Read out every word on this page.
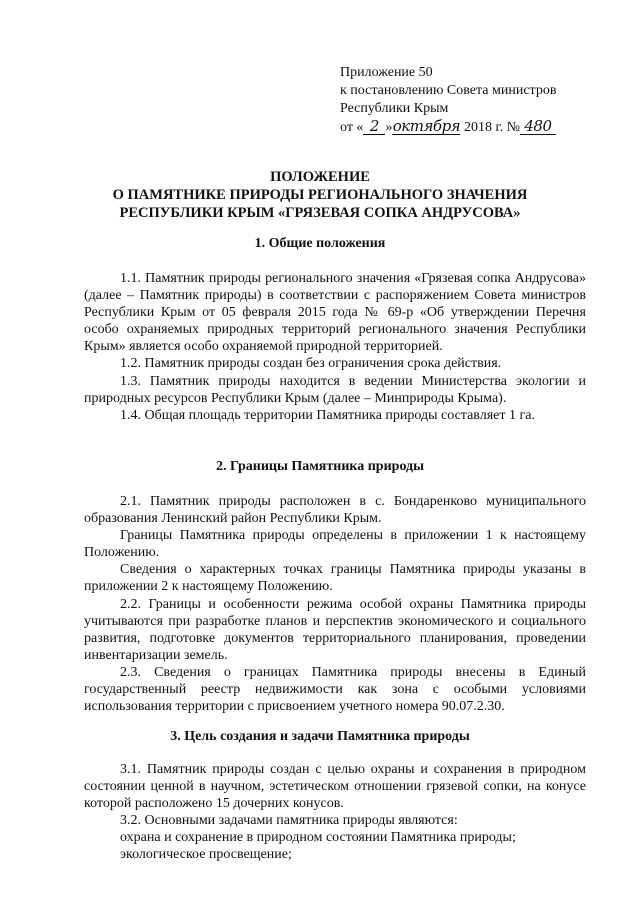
Приложение 50
к постановлению Совета министров
Республики Крым
от « 2 »октября 2018 г. № 480
ПОЛОЖЕНИЕ
О ПАМЯТНИКЕ ПРИРОДЫ РЕГИОНАЛЬНОГО ЗНАЧЕНИЯ
РЕСПУБЛИКИ КРЫМ «ГРЯЗЕВАЯ СОПКА АНДРУСОВА»
1. Общие положения

1.1. Памятник природы регионального значения «Грязевая сопка Андрусова» (далее – Памятник природы) в соответствии с распоряжением Совета министров Республики Крым от 05 февраля 2015 года № 69-р «Об утверждении Перечня особо охраняемых природных территорий регионального значения Республики Крым» является особо охраняемой природной территорией.

1.2. Памятник природы создан без ограничения срока действия.

1.3. Памятник природы находится в ведении Министерства экологии и природных ресурсов Республики Крым (далее – Минприроды Крыма).

1.4. Общая площадь территории Памятника природы составляет 1 га.

2. Границы Памятника природы

2.1. Памятник природы расположен в с. Бондаренково муниципального образования Ленинский район Республики Крым.

Границы Памятника природы определены в приложении 1 к настоящему Положению.

Сведения о характерных точках границы Памятника природы указаны в приложении 2 к настоящему Положению.

2.2. Границы и особенности режима особой охраны Памятника природы учитываются при разработке планов и перспектив экономического и социального развития, подготовке документов территориального планирования, проведении инвентаризации земель.

2.3. Сведения о границах Памятника природы внесены в Единый государственный реестр недвижимости как зона с особыми условиями использования территории с присвоением учетного номера 90.07.2.30.

3. Цель создания и задачи Памятника природы

3.1. Памятник природы создан с целью охраны и сохранения в природном состоянии ценной в научном, эстетическом отношении грязевой сопки, на конусе которой расположено 15 дочерних конусов.

3.2. Основными задачами памятника природы являются:

охрана и сохранение в природном состоянии Памятника природы;

экологическое просвещение;
